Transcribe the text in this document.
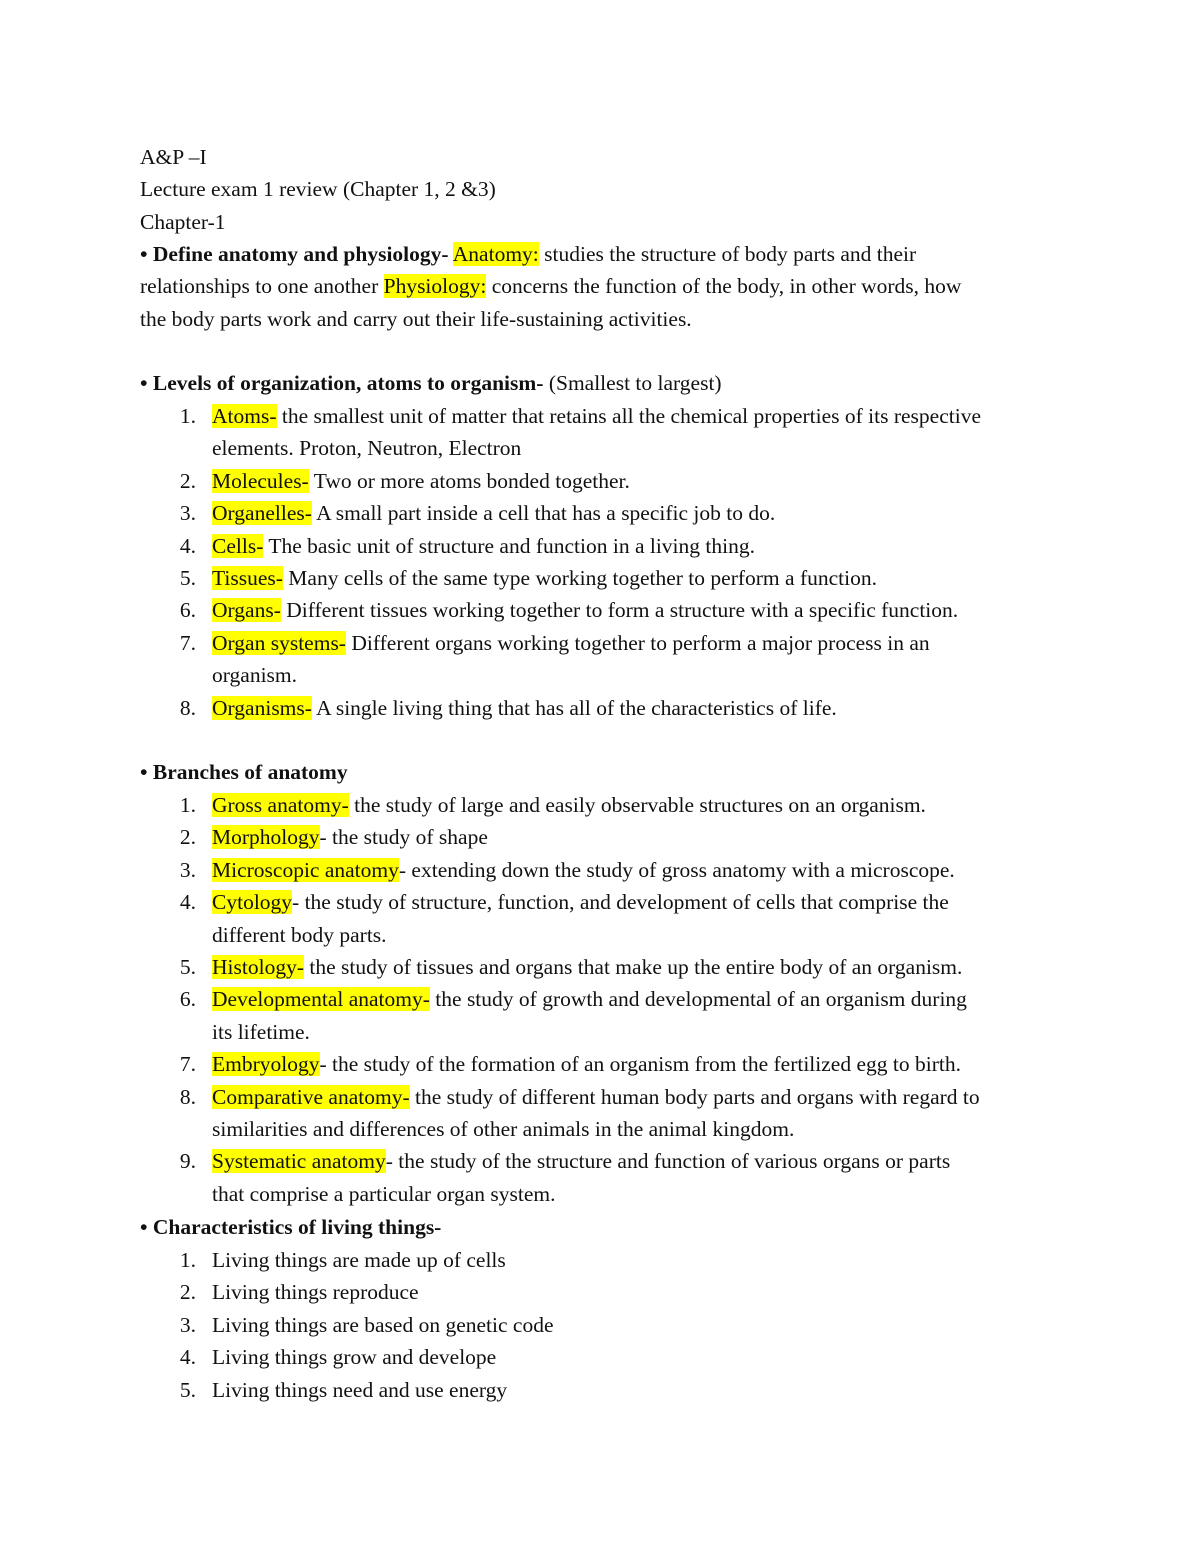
A&P –I
Lecture exam 1 review (Chapter 1, 2 &3)
Chapter-1
• Define anatomy and physiology- Anatomy: studies the structure of body parts and their
relationships to one another Physiology: concerns the function of the body, in other words, how
the body parts work and carry out their life-sustaining activities.
• Levels of organization, atoms to organism- (Smallest to largest)
1. Atoms- the smallest unit of matter that retains all the chemical properties of its respective
elements. Proton, Neutron, Electron
2. Molecules- Two or more atoms bonded together.
3. Organelles- A small part inside a cell that has a specific job to do.
4. Cells- The basic unit of structure and function in a living thing.
5. Tissues- Many cells of the same type working together to perform a function.
6. Organs- Different tissues working together to form a structure with a specific function.
7. Organ systems- Different organs working together to perform a major process in an
organism.
8. Organisms- A single living thing that has all of the characteristics of life.
• Branches of anatomy
1. Gross anatomy- the study of large and easily observable structures on an organism.
2. Morphology- the study of shape
3. Microscopic anatomy- extending down the study of gross anatomy with a microscope.
4. Cytology- the study of structure, function, and development of cells that comprise the
different body parts.
5. Histology- the study of tissues and organs that make up the entire body of an organism.
6. Developmental anatomy- the study of growth and developmental of an organism during
its lifetime.
7. Embryology- the study of the formation of an organism from the fertilized egg to birth.
8. Comparative anatomy- the study of different human body parts and organs with regard to
similarities and differences of other animals in the animal kingdom.
9. Systematic anatomy- the study of the structure and function of various organs or parts
that comprise a particular organ system.
• Characteristics of living things-
1. Living things are made up of cells
2. Living things reproduce
3. Living things are based on genetic code
4. Living things grow and develope
5. Living things need and use energy
